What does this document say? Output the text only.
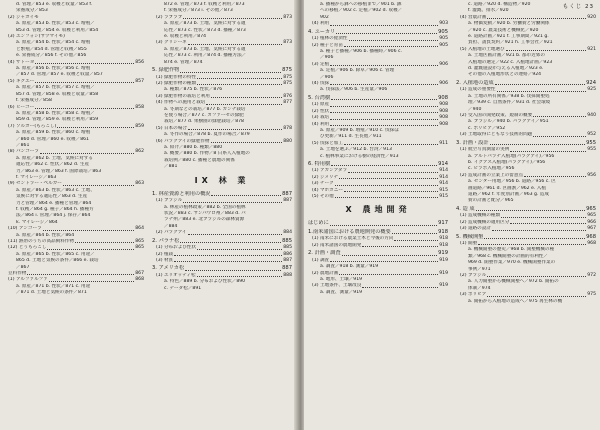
d. 管理／853 e. 収穫と収量／853 f.
栄養成分／853
(2) ジャガイモ
a. 原産／853 b. 性状／853 c. 増殖／
853 d. 管理／854 e. 収穫と利用／854
(3) エンフォシ(サツマイモ)
a. 原産／854 b. 性状／854 c. 増殖
と繁殖／854 d. 管理と収穫／855
e. 栄養成分／856 f. その他／856
(4) サトーヨ	856
a. 原産／856 b. 性状／856 c. 増殖
／857 d. 管理／857 e. 収穫と収量／857
(5) キクエー	857
a. 原産／857 b. 性状／857 c. 増殖／
857 d. 管理／858 e. 収穫と収量／858
f. 栄養成分／858
(6) ヒーゴー	858
a. 原産／858 b. 性状／858 c. 増殖／
859 d. 管理／859 e. 収穫と利用／859
(7) ソルガー(もろこし)	859
a. 原産／859 b. 性状／860 c. 増殖
／860 d. 管理／860 e. 収穫／861
／861
(8) パンゴーラ	862
a. 原産／862 b. 土地、気候に対する
適応性／862 c. 性状／862 d. 生産
力／863 e. 管理／863 f. 国際栽培／863
f. マイレージ／863
(9) セントラー・ベルガー	863
a. 原産／863 b. 性状／863 c. 土地、
気候に対する適応性／863 d. 生産
力と管理／864 e. 播種と管理／864
f. 収穫／864 g. 種子／864 h. 播種方
法／864 i. 管理／864 j. 保存／864
k. マイレージ／864
(10) アンゴーラ	864
a. 原産／864 b. 性状／864
(11) 熱帯のうちの高品飼料作物	865
(12) とうもろこし	865
a. 原産／865 b. 性状／865 c. 用途／
865 d. 土地と気候の条件／866 e. 栽培
／867
豆料作物	867
(1) アルファルファ	868
a. 原産／871 b. 性状／871 c. 用途
／871 d. 土地と気候の条件／871
872 e. 管理／873 f. 収穫と利用／873
f. 栄養成分／873 i. その他／873
(2) ラブラブ	873
a. 原産／873 b. 土地、気候に対する適
応性／873 c. 性状／873 d. 播種／873
e. 収穫と利用／874
(3) グリシーネ	873
a. 原産／873 b. 土地、気候に対する適
応性／873 c. 利用／874 d. 播種方法／
874 e. 管理／874
5. 緑肥作物	875
(1) 緑肥作物の特性	875
(2) 緑肥作物の種類	875
a. 種類／875 b. 性状／876
(3) 緑肥作物の栽培と利用	876
(4) 作物への施用と栽培	877
a. 冬期などの栽培／877 b. カンナ栽培
を使う場合／877 c. カファーゼの緑肥
栽培／877 d. 果樹園の緑肥栽培／878
(5) 日本の場合	878
a. 冬作の場合／878 b. 夏作の場合／879
(6) パラグアイの緑肥作物	880
a. 紹介／880 b. 種類／880
a. 概要／880 b. 作物／8 日系人入植地の
栽培例／880 c. 播種と農地の関係
／881
IX 林 業
1. 林産資源と利用の概況	887
(1) ブラジル	887
a. 林産の植林政策／882 b. 全国の植林
状況／883 c. サンパウロ州／883 d. パ
ラナ州／883 e. 北ブラジルの森林資源
／884
(2) パラグアイ	884
2. パラナ松	885
(1) 分布および性状	885
(2) 植栽	886
(3) 材質	887
3. アメリカ松	887
(1) エリオッティ松	888
a. 特色／889 b. 分布および性状／890
c. テーダ松／891
もくじ 23
a. 播種から鉢への移植まで／901 b. 鉢
への移植／902 c. 定植／902 d. 収穫／
902
(4) 利用	903
4. ユーカリ	905
(1) 植林の経済性	905
(2) 種子と育苗	905
a. 種子と播種／906 b. 播種時／906 c.
／906
(3) 定植	906
a. 定植／906 b. 除草／906 c. 管理
／906
(4) 伐採	906
a. 伐採法／906 b. 生産量／906
5. 台湾樹	908
(1) 原産	908
(2) 性状	908
(3) 栽培	908
(4) 利用	908
a. 原産／909 b. 増殖／910 c. 伐採ほ
び更新／911 d. 生長他／911
(5) 伐採と加工	911
a. 土地を選ぶ／912 b. 台湾／913
c. 植林事業における樹の経済性／913
6. 特用樹	914
(1) アカンアダラ	914
(2) ジメリナ	914
(3) チーク	914
(4) マホガニー	915
(5) その他	915
X 農地開発
はじめに	917
1.南米諸国における農地開発の概要	918
(1) 南米における農業土木と今後の方向	918
(2) 南米諸国の農地開発	918
2. 計画・調査	919
(1) 調査	919
a. 調査／918 b. 測量／919
(2) 農地計画	919
a. 地形、土壌／919
(3) 土地条件、土壌改良	919
a. 調査、測量／919
c. 道路／920 d. 構造物／920
f. 灌漑、排水／920
(4) 営農計画	920
a. 物価変動／920 b. 労働費と労働関係
／920 c. 農業技術と機械化／920
e. 道路計画／921 f. 工事期間／921 g.
負担、請負契約／921 h. 工事会社／921
(5) 入植地の土地選び	921
a. 土地区画計画／921 b. 都市近郊の
入植地の選定／922 c. 入植地計画／923
d. 灌漑施設が与える入植地／923 e.
その他の入植地形状との連絡／924
2. 入植地の造成	924
(1) 造成の重要性	925
a. 土地の所有関係／938 b. 伐採開墾処
理／939 c. 自然条件／931 d. 社会環境
／940
(2) 受入国の開発政策、規制の概要	940
a. ブラジル／940 b. パラグアイ／951
c. ボリビア／952
(3) 土地取得にともなう技術的問題	952
3. 計画・設計	955
(1) 航空写真測量の実例	955
a. アルトパラナ入植地(パラグアイ)／956
b. イグアス入植地(パラグアイ)／956
c. ピラポ入植地／956
(2) 造成計画の立案上の留意点	956
a. センター用地／956 b. 道路／956 c. 区
画道路／961 d. 区画割／962 e. 入植
道路／962 f. 年度別計画／963 g. 造成
費の計画と配分／965
4. 造 成	965
(1) 造成機械の種類	965
(2) 造成機械の適用区分	966
(3) 道路の設計	967
5. 機械開墾	968
(1) 開墾	968
a. 機械開墾の歴史／968 b. 開墾機械の種
類／968 c. 機械開墾の計画的有利性／
969 d. 開墾作業／970 e. 機械開墾作業の
事例／971
(2) ブラジル	972
a. 人力開墾から機械開墾へ／972 b. 開拓の
体制／974
(3) ボリビア	975
a. 開拓から入植地の造成へ／975 再生林の機
